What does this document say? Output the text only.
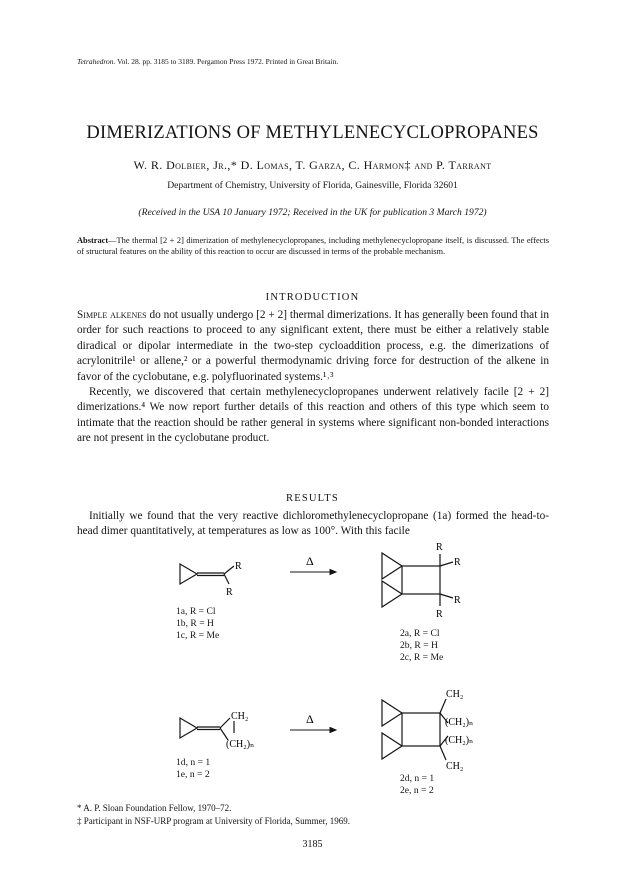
Tetrahedron. Vol. 28. pp. 3185 to 3189. Pergamon Press 1972. Printed in Great Britain.
DIMERIZATIONS OF METHYLENECYCLOPROPANES
W. R. Dolbier, Jr.,* D. Lomas, T. Garza, C. Harmon‡ and P. Tarrant
Department of Chemistry, University of Florida, Gainesville, Florida 32601
(Received in the USA 10 January 1972; Received in the UK for publication 3 March 1972)
Abstract—The thermal [2 + 2] dimerization of methylenecyclopropanes, including methylenecyclopropane itself, is discussed. The effects of structural features on the ability of this reaction to occur are discussed in terms of the probable mechanism.
INTRODUCTION

Simple alkenes do not usually undergo [2 + 2] thermal dimerizations. It has generally been found that in order for such reactions to proceed to any significant extent, there must be either a relatively stable diradical or dipolar intermediate in the two-step cycloaddition process, e.g. the dimerizations of acrylonitrile¹ or allene,² or a powerful thermodynamic driving force for destruction of the alkene in favor of the cyclobutane, e.g. polyfluorinated systems.¹˒³

Recently, we discovered that certain methylenecyclopropanes underwent relatively facile [2 + 2] dimerizations.⁴ We now report further details of this reaction and others of this type which seem to intimate that the reaction should be rather general in systems where significant non-bonded interactions are not present in the cyclobutane product.

RESULTS

Initially we found that the very reactive dichloromethylenecyclopropane (1a) formed the head-to-head dimer quantitatively, at temperatures as low as 100°. With this facile

R
R
Δ
R
R
R
R
1a, R = Cl
1b, R = H
1c, R = Me	2a, R = Cl
2b, R = H
2c, R = Me
CH₂
(CH₂)ₙ
Δ
CH₂
(CH₂)ₙ
(CH₂)ₙ
CH₂
1d, n = 1
1e, n = 2	2d, n = 1
2e, n = 2
* A. P. Sloan Foundation Fellow, 1970–72.
‡ Participant in NSF-URP program at University of Florida, Summer, 1969.
3185
